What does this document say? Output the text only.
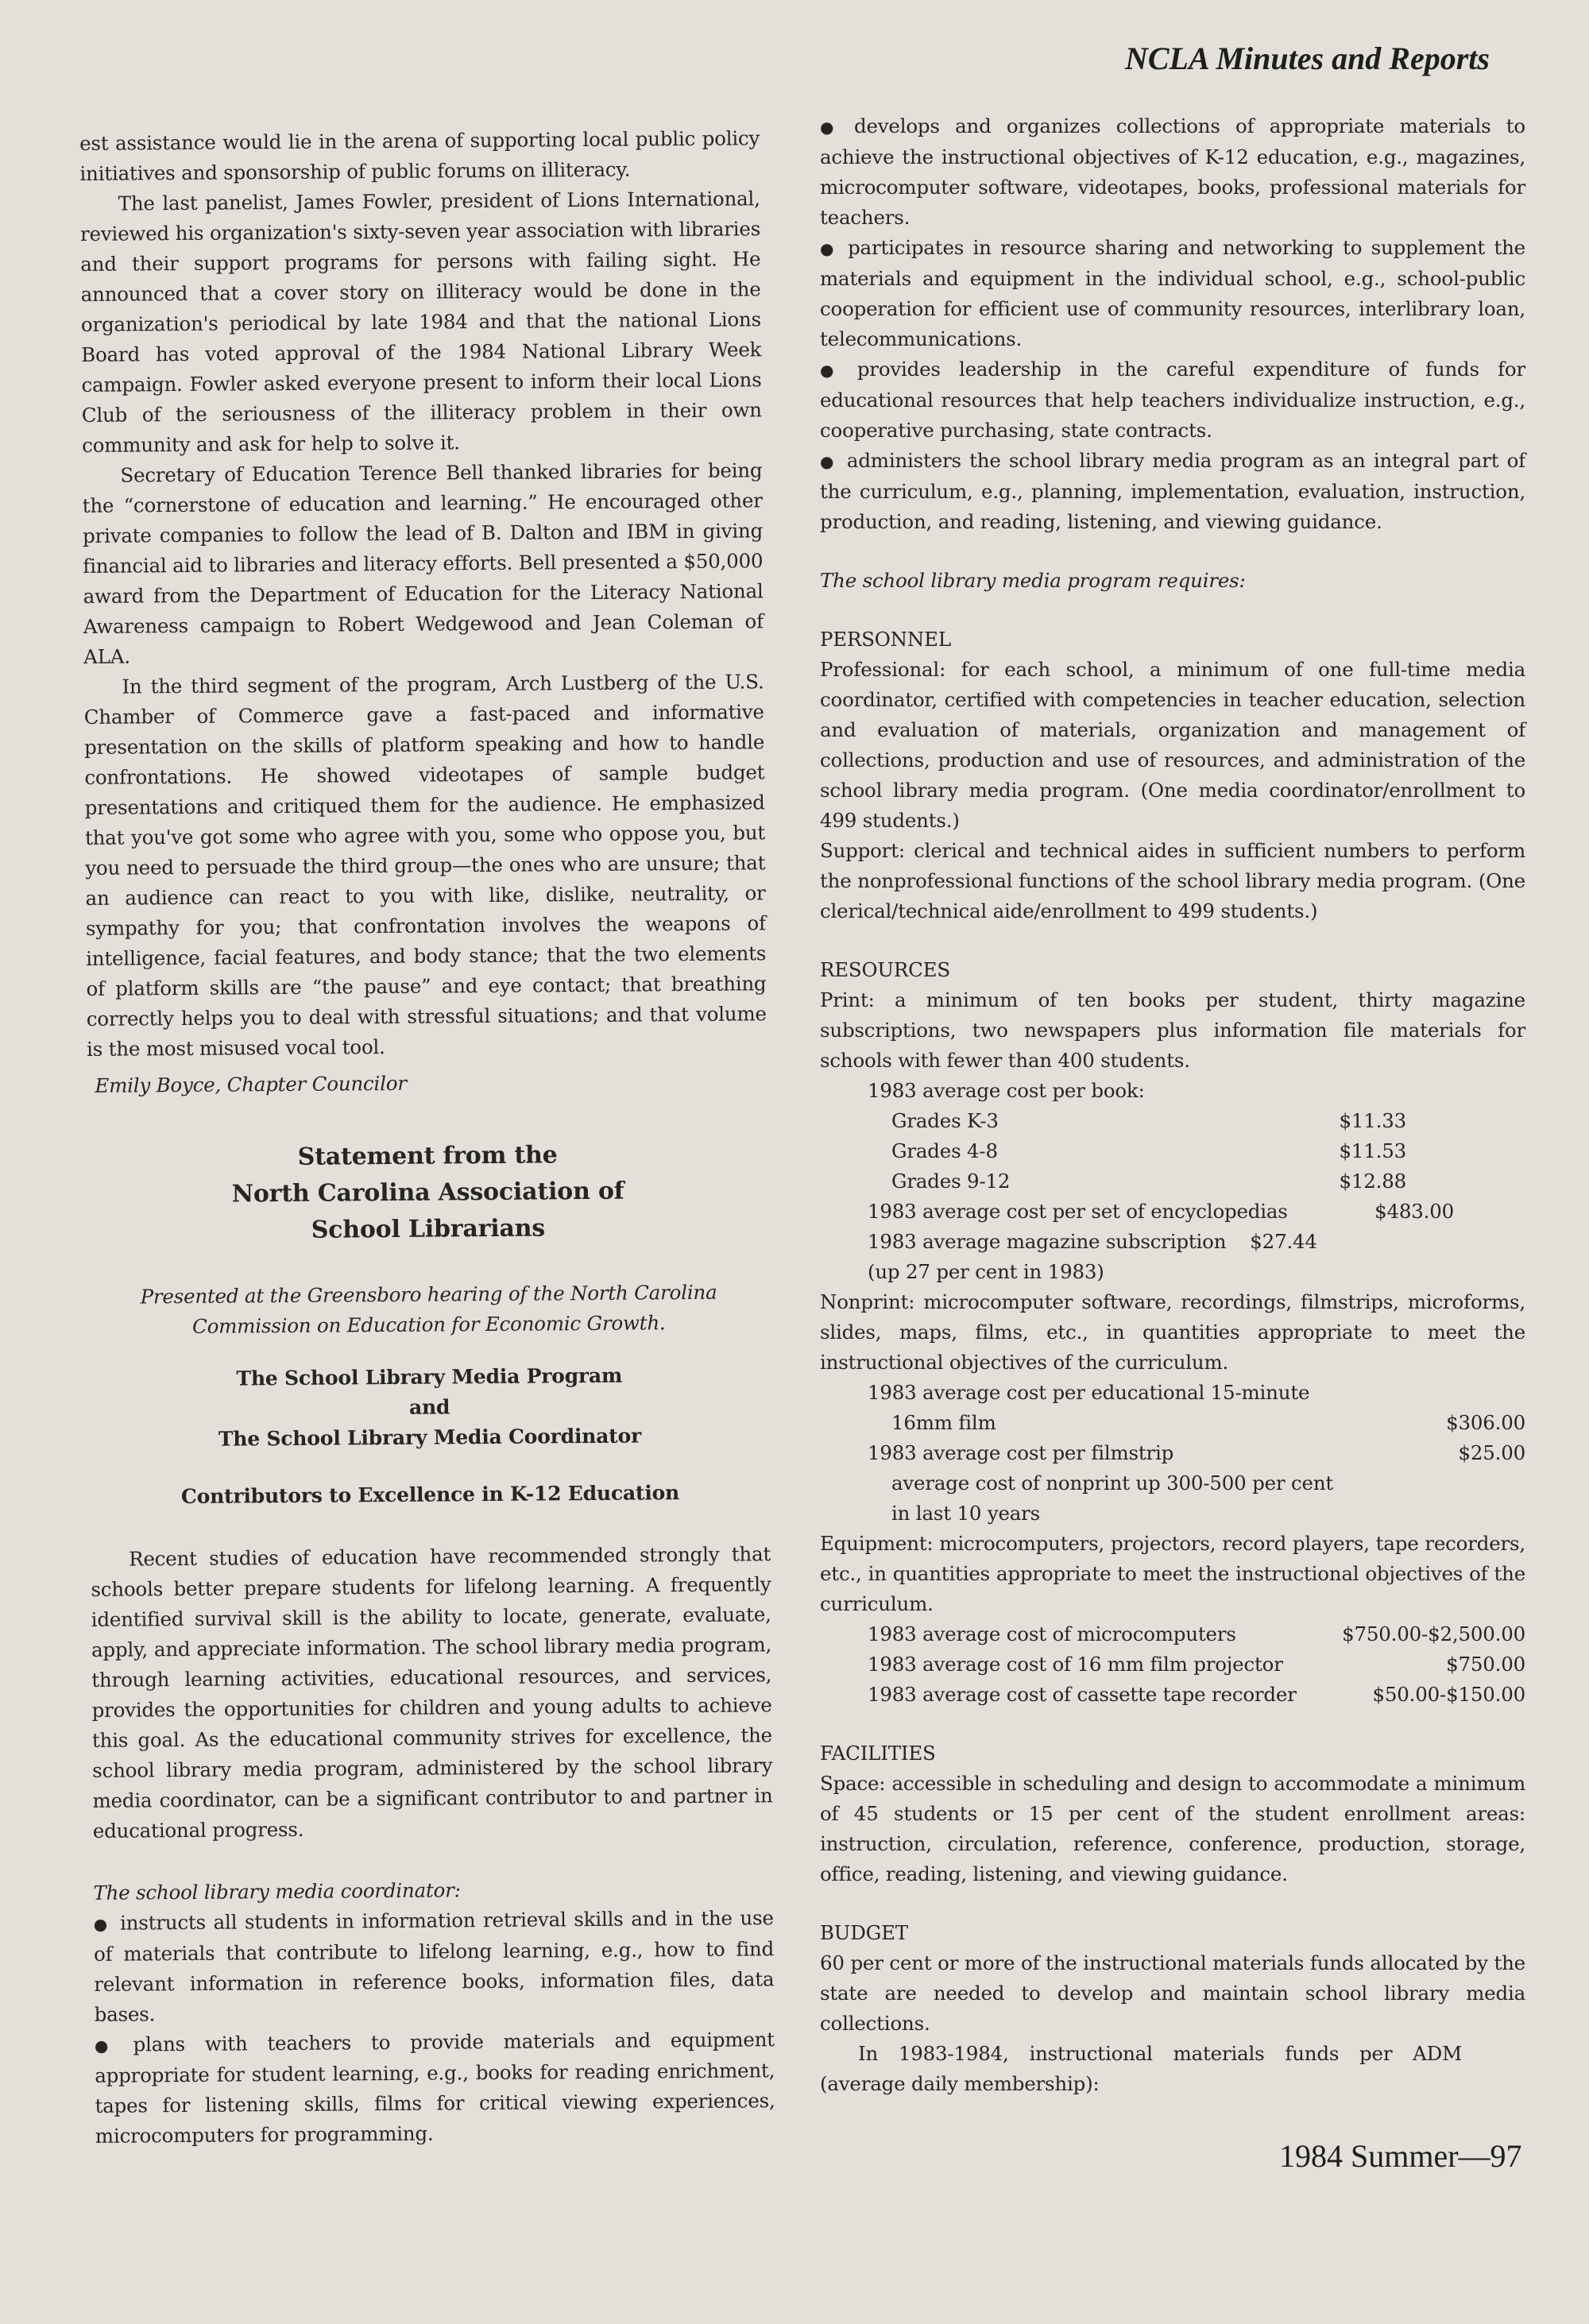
NCLA Minutes and Reports

est assistance would lie in the arena of supporting local public policy initiatives and sponsorship of public forums on illiteracy.

The last panelist, James Fowler, president of Lions International, reviewed his organization's sixty-seven year association with libraries and their support programs for persons with failing sight. He announced that a cover story on illiteracy would be done in the organization's periodical by late 1984 and that the national Lions Board has voted approval of the 1984 National Library Week campaign. Fowler asked everyone present to inform their local Lions Club of the seriousness of the illiteracy problem in their own community and ask for help to solve it.

Secretary of Education Terence Bell thanked libraries for being the “cornerstone of education and learning.” He encouraged other private companies to follow the lead of B. Dalton and IBM in giving financial aid to libraries and literacy efforts. Bell presented a $50,000 award from the Department of Education for the Literacy National Awareness campaign to Robert Wedgewood and Jean Coleman of ALA.

In the third segment of the program, Arch Lustberg of the U.S. Chamber of Commerce gave a fast-paced and informative presentation on the skills of platform speaking and how to handle confrontations. He showed videotapes of sample budget presentations and critiqued them for the audience. He emphasized that you've got some who agree with you, some who oppose you, but you need to persuade the third group—the ones who are unsure; that an audience can react to you with like, dislike, neutrality, or sympathy for you; that confrontation involves the weapons of intelligence, facial features, and body stance; that the two elements of platform skills are “the pause” and eye contact; that breathing correctly helps you to deal with stressful situations; and that volume is the most misused vocal tool.

Emily Boyce, Chapter Councilor

Statement from the
North Carolina Association of
School Librarians

Presented at the Greensboro hearing of the North Carolina Commission on Education for Economic Growth.

The School Library Media Program
and
The School Library Media Coordinator
Contributors to Excellence in K-12 Education

Recent studies of education have recommended strongly that schools better prepare students for lifelong learning. A frequently identified survival skill is the ability to locate, generate, evaluate, apply, and appreciate information. The school library media program, through learning activities, educational resources, and services, provides the opportunities for children and young adults to achieve this goal. As the educational community strives for excellence, the school library media program, administered by the school library media coordinator, can be a significant contributor to and partner in educational progress.

The school library media coordinator:

● instructs all students in information retrieval skills and in the use of materials that contribute to lifelong learning, e.g., how to find relevant information in reference books, information files, data bases.

● plans with teachers to provide materials and equipment appropriate for student learning, e.g., books for reading enrichment, tapes for listening skills, films for critical viewing experiences, microcomputers for programming.

● develops and organizes collections of appropriate materials to achieve the instructional objectives of K-12 education, e.g., magazines, microcomputer software, videotapes, books, professional materials for teachers.

● participates in resource sharing and networking to supplement the materials and equipment in the individual school, e.g., school-public cooperation for efficient use of community resources, interlibrary loan, telecommunications.

● provides leadership in the careful expenditure of funds for educational resources that help teachers individualize instruction, e.g., cooperative purchasing, state contracts.

● administers the school library media program as an integral part of the curriculum, e.g., planning, implementation, evaluation, instruction, production, and reading, listening, and viewing guidance.

The school library media program requires:

PERSONNEL

Professional: for each school, a minimum of one full-time media coordinator, certified with competencies in teacher education, selection and evaluation of materials, organization and management of collections, production and use of resources, and administration of the school library media program. (One media coordinator/enrollment to 499 students.)

Support: clerical and technical aides in sufficient numbers to perform the nonprofessional functions of the school library media program. (One clerical/technical aide/enrollment to 499 students.)

RESOURCES

Print: a minimum of ten books per student, thirty magazine subscriptions, two newspapers plus information file materials for schools with fewer than 400 students.

1983 average cost per book:

Grades K-3	$11.33
Grades 4-8	$11.53
Grades 9-12	$12.88
1983 average cost per set of encyclopedias	$483.00
1983 average magazine subscription $27.44

(up 27 per cent in 1983)

Nonprint: microcomputer software, recordings, filmstrips, microforms, slides, maps, films, etc., in quantities appropriate to meet the instructional objectives of the curriculum.

1983 average cost per educational 15-minute

16mm film	$306.00
1983 average cost per filmstrip	$25.00

average cost of nonprint up 300-500 per cent

in last 10 years

Equipment: microcomputers, projectors, record players, tape recorders, etc., in quantities appropriate to meet the instructional objectives of the curriculum.

1983 average cost of microcomputers	$750.00-$2,500.00
1983 average cost of 16 mm film projector	$750.00
1983 average cost of cassette tape recorder	$50.00-$150.00

FACILITIES

Space: accessible in scheduling and design to accommodate a minimum of 45 students or 15 per cent of the student enrollment areas: instruction, circulation, reference, conference, production, storage, office, reading, listening, and viewing guidance.

BUDGET

60 per cent or more of the instructional materials funds allocated by the state are needed to develop and maintain school library media collections.

In 1983-1984, instructional materials funds per ADM (average daily membership):

1984 Summer—97
